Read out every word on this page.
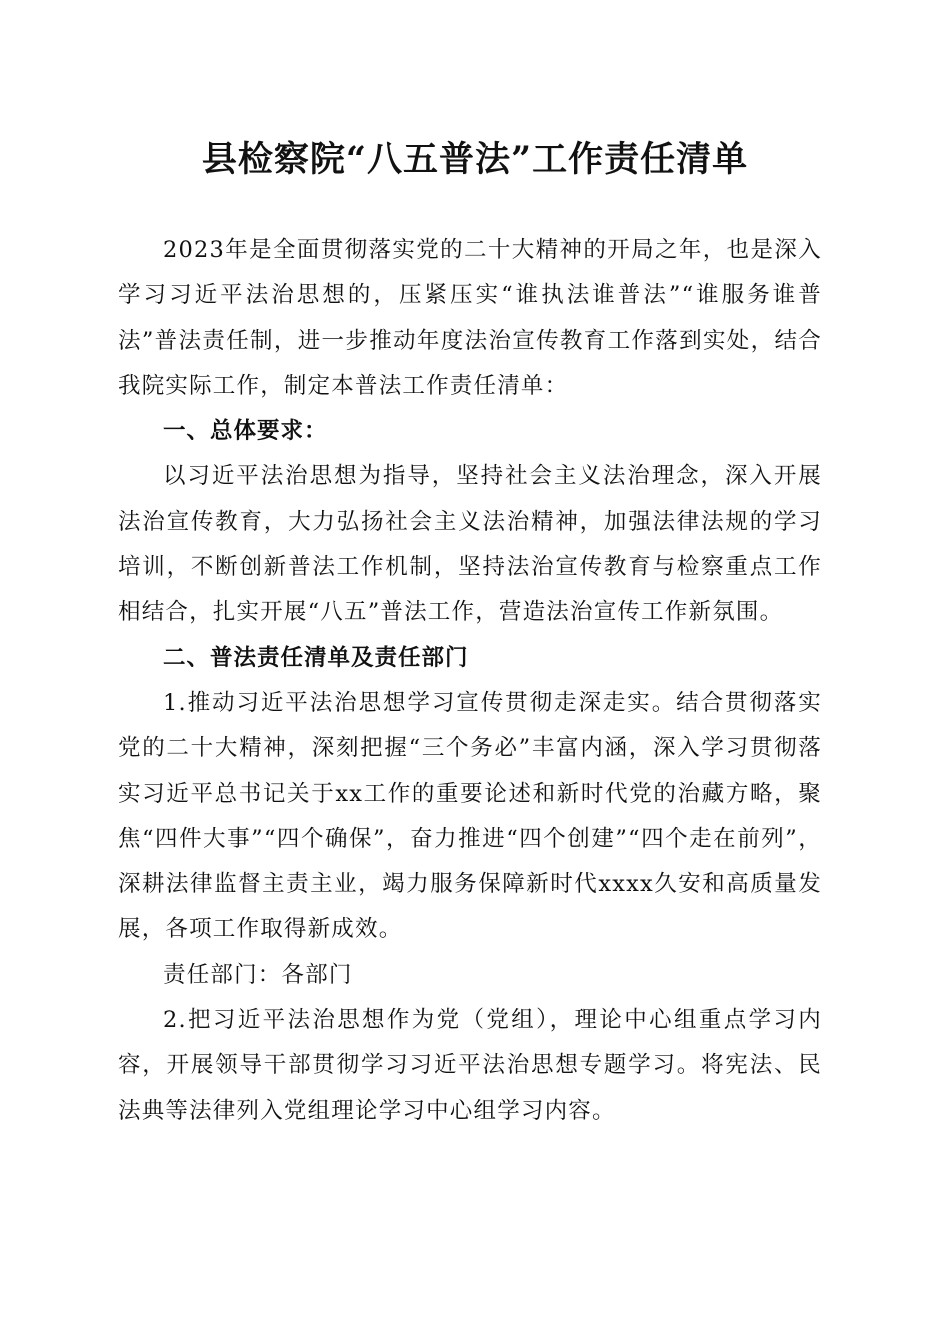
县检察院“八五普法”工作责任清单

2023年是全面贯彻落实党的二十大精神的开局之年，也是深入学习习近平法治思想的，压紧压实“谁执法谁普法”“谁服务谁普法”普法责任制，进一步推动年度法治宣传教育工作落到实处，结合我院实际工作，制定本普法工作责任清单：

一、总体要求：

以习近平法治思想为指导，坚持社会主义法治理念，深入开展法治宣传教育，大力弘扬社会主义法治精神，加强法律法规的学习培训，不断创新普法工作机制，坚持法治宣传教育与检察重点工作相结合，扎实开展“八五”普法工作，营造法治宣传工作新氛围。

二、普法责任清单及责任部门

1.推动习近平法治思想学习宣传贯彻走深走实。结合贯彻落实党的二十大精神，深刻把握“三个务必”丰富内涵，深入学习贯彻落实习近平总书记关于xx工作的重要论述和新时代党的治藏方略，聚焦“四件大事”“四个确保”，奋力推进“四个创建”“四个走在前列”，深耕法律监督主责主业，竭力服务保障新时代xxxx久安和高质量发展，各项工作取得新成效。

责任部门：各部门

2.把习近平法治思想作为党（党组），理论中心组重点学习内容，开展领导干部贯彻学习习近平法治思想专题学习。将宪法、民法典等法律列入党组理论学习中心组学习内容。
